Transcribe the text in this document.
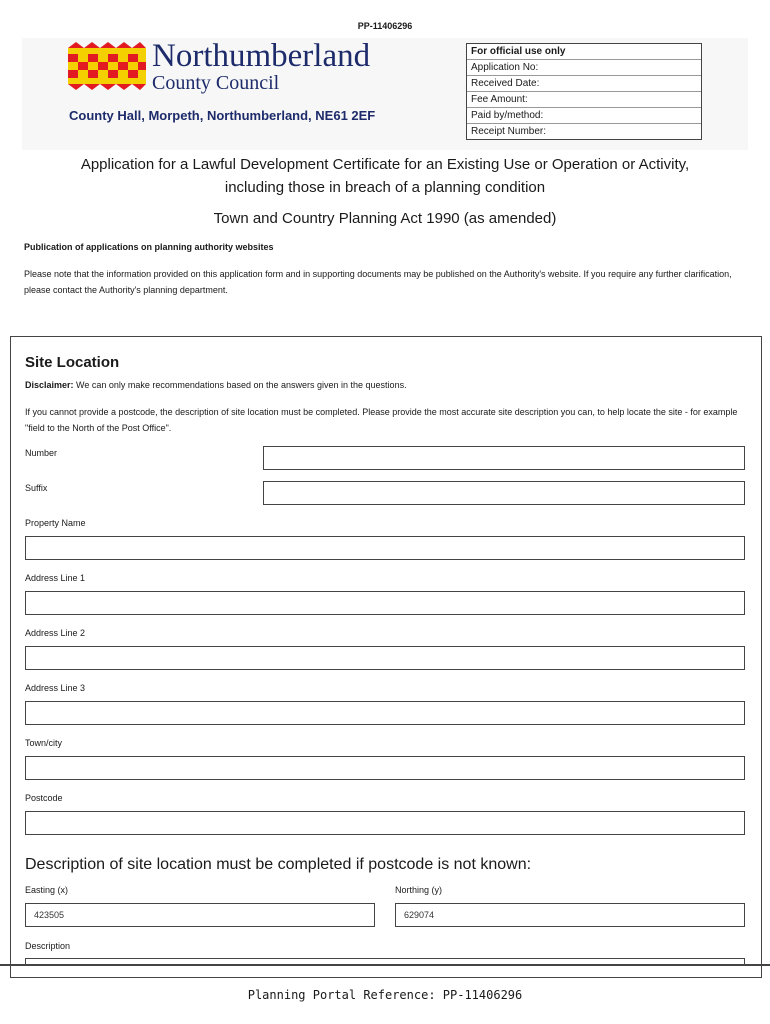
PP-11406296
Northumberland
County Council
County Hall, Morpeth, Northumberland, NE61 2EF
For official use only
Application No:
Received Date:
Fee Amount:
Paid by/method:
Receipt Number:
Application for a Lawful Development Certificate for an Existing Use or Operation or Activity,
including those in breach of a planning condition
Town and Country Planning Act 1990 (as amended)
Publication of applications on planning authority websites
Please note that the information provided on this application form and in supporting documents may be published on the Authority's website. If you require any further clarification, please contact the Authority's planning department.
Site Location
Disclaimer: We can only make recommendations based on the answers given in the questions.
If you cannot provide a postcode, the description of site location must be completed. Please provide the most accurate site description you can, to help locate the site - for example "field to the North of the Post Office".
Number
Suffix
Property Name
Address Line 1
Address Line 2
Address Line 3
Town/city
Postcode
Description of site location must be completed if postcode is not known:
Easting (x)
423505
Northing (y)
629074
Description
Planning Portal Reference: PP-11406296
